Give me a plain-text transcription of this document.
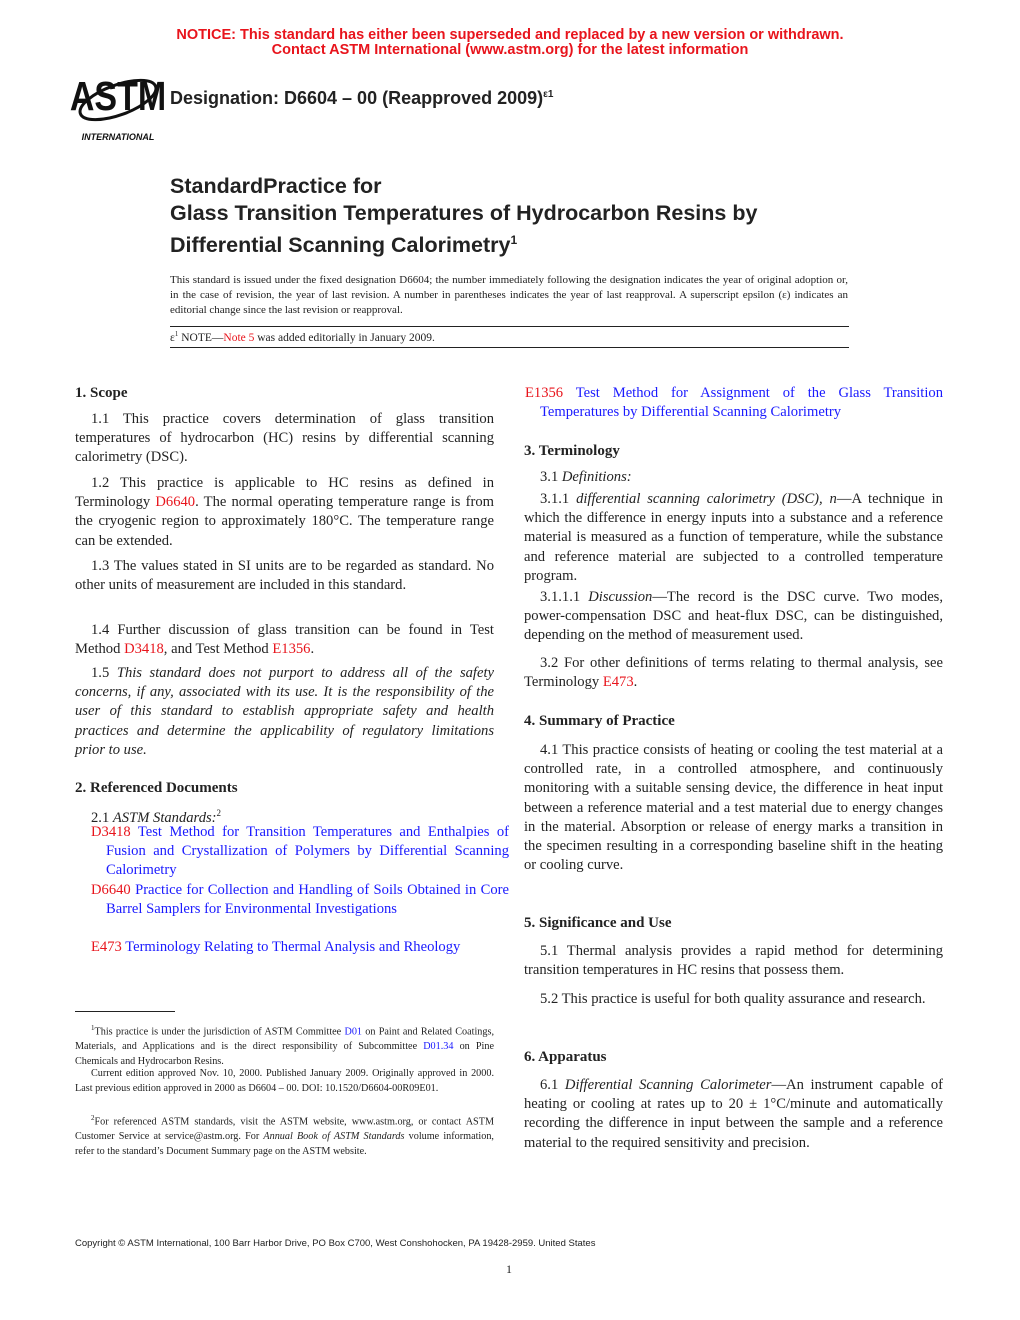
NOTICE: This standard has either been superseded and replaced by a new version or withdrawn.
Contact ASTM International (www.astm.org) for the latest information
ASTM
INTERNATIONAL
Designation: D6604 – 00 (Reapproved 2009)$^{\varepsilon 1}$
StandardPractice for
Glass Transition Temperatures of Hydrocarbon Resins by
Differential Scanning Calorimetry$^1$
This standard is issued under the fixed designation D6604; the number immediately following the designation indicates the year of original adoption or, in the case of revision, the year of last revision. A number in parentheses indicates the year of last reapproval. A superscript epsilon (ε) indicates an editorial change since the last revision or reapproval.
$\varepsilon^1$ NOTE—Note 5 was added editorially in January 2009.
1. Scope
1.1 This practice covers determination of glass transition temperatures of hydrocarbon (HC) resins by differential scanning calorimetry (DSC).
1.2 This practice is applicable to HC resins as defined in Terminology D6640. The normal operating temperature range is from the cryogenic region to approximately 180°C. The temperature range can be extended.
1.3 The values stated in SI units are to be regarded as standard. No other units of measurement are included in this standard.
1.4 Further discussion of glass transition can be found in Test Method D3418, and Test Method E1356.
1.5 This standard does not purport to address all of the safety concerns, if any, associated with its use. It is the responsibility of the user of this standard to establish appropriate safety and health practices and determine the applicability of regulatory limitations prior to use.
2. Referenced Documents
2.1 ASTM Standards:$^2$
D3418 Test Method for Transition Temperatures and Enthalpies of Fusion and Crystallization of Polymers by Differential Scanning Calorimetry
D6640 Practice for Collection and Handling of Soils Obtained in Core Barrel Samplers for Environmental Investigations
E473 Terminology Relating to Thermal Analysis and Rheology
$^1$This practice is under the jurisdiction of ASTM Committee D01 on Paint and Related Coatings, Materials, and Applications and is the direct responsibility of Subcommittee D01.34 on Pine Chemicals and Hydrocarbon Resins.
Current edition approved Nov. 10, 2000. Published January 2009. Originally approved in 2000. Last previous edition approved in 2000 as D6604 – 00. DOI: 10.1520/D6604-00R09E01.
$^2$For referenced ASTM standards, visit the ASTM website, www.astm.org, or contact ASTM Customer Service at service@astm.org. For Annual Book of ASTM Standards volume information, refer to the standard’s Document Summary page on the ASTM website.
E1356 Test Method for Assignment of the Glass Transition Temperatures by Differential Scanning Calorimetry
3. Terminology
3.1 Definitions:
3.1.1 differential scanning calorimetry (DSC), n—A technique in which the difference in energy inputs into a substance and a reference material is measured as a function of temperature, while the substance and reference material are subjected to a controlled temperature program.
3.1.1.1 Discussion—The record is the DSC curve. Two modes, power-compensation DSC and heat-flux DSC, can be distinguished, depending on the method of measurement used.
3.2 For other definitions of terms relating to thermal analysis, see Terminology E473.
4. Summary of Practice
4.1 This practice consists of heating or cooling the test material at a controlled rate, in a controlled atmosphere, and continuously monitoring with a suitable sensing device, the difference in heat input between a reference material and a test material due to energy changes in the material. Absorption or release of energy marks a transition in the specimen resulting in a corresponding baseline shift in the heating or cooling curve.
5. Significance and Use
5.1 Thermal analysis provides a rapid method for determining transition temperatures in HC resins that possess them.
5.2 This practice is useful for both quality assurance and research.
6. Apparatus
6.1 Differential Scanning Calorimeter—An instrument capable of heating or cooling at rates up to 20 ± 1°C/minute and automatically recording the difference in input between the sample and a reference material to the required sensitivity and precision.
Copyright © ASTM International, 100 Barr Harbor Drive, PO Box C700, West Conshohocken, PA 19428-2959. United States
1
